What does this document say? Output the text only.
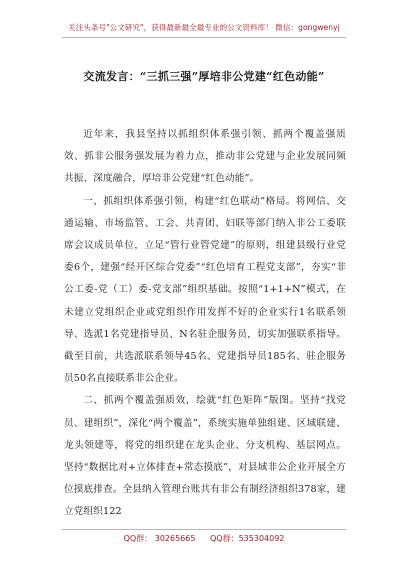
关注头条号"公文研究"，获得最新最全最专业的公文资料库！ 微信：gongwenyj
交流发言：“三抓三强”厚培非公党建“红色动能”

近年来，我县坚持以抓组织体系强引领、抓两个覆盖强质效、抓非公服务强发展为着力点，推动非公党建与企业发展同频共振、深度融合，厚培非公党建“红色动能”。

一、抓组织体系强引领，构建“红色联动”格局。将网信、交通运输、市场监管、工会、共青团、妇联等部门纳入非公工委联席会议成员单位，立足“管行业管党建”的原则，组建县级行业党委6个，建强“经开区综合党委”“红色培育工程党支部”，夯实“非公工委-党（工）委-党支部”组织基础。按照“1+1+N”模式，在未建立党组织企业或党组织作用发挥不好的企业实行1名联系领导、选派1名党建指导员、N名驻企服务员，切实加强联系指导。截至目前，共选派联系领导45名、党建指导员185名、驻企服务员50名直接联系非公企业。

二、抓两个覆盖强质效，绘就“红色矩阵”版图。坚持“找党员、建组织”，深化“两个覆盖”，系统实施单独组建、区域联建、龙头领建等，将党的组织建在龙头企业、分支机构、基层网点。坚持“数据比对+立体排查+常态摸底”，对县域非公企业开展全方位摸底排查。全县纳入管理台账共有非公有制经济组织378家，建立党组织122

QQ群： 30265665 QQ群：535304092
